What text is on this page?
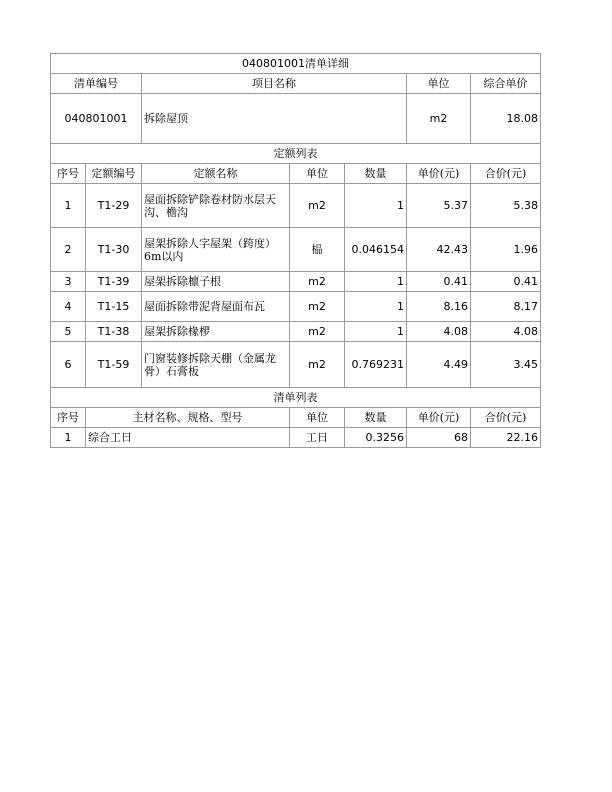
040801001清单详细						
清单编号		项目名称			单位	综合单价
040801001		拆除屋顶			m2	18.08
定额列表						
序号	定额编号	定额名称	单位	数量	单价(元)	合价(元)
1	T1-29	屋面拆除铲除卷材防水层天沟、檐沟	m2	1	5.37	5.38
2	T1-30	屋架拆除人字屋架（跨度）6m以内	榀	0.046154	42.43	1.96
3	T1-39	屋架拆除檩子根	m2	1	0.41	0.41
4	T1-15	屋面拆除带泥背屋面布瓦	m2	1	8.16	8.17
5	T1-38	屋架拆除椽椤	m2	1	4.08	4.08
6	T1-59	门窗装修拆除天棚（金属龙骨）石膏板	m2	0.769231	4.49	3.45
清单列表						
序号	主材名称、规格、型号		单位	数量	单价(元)	合价(元)
1	综合工日		工日	0.3256	68	22.16
